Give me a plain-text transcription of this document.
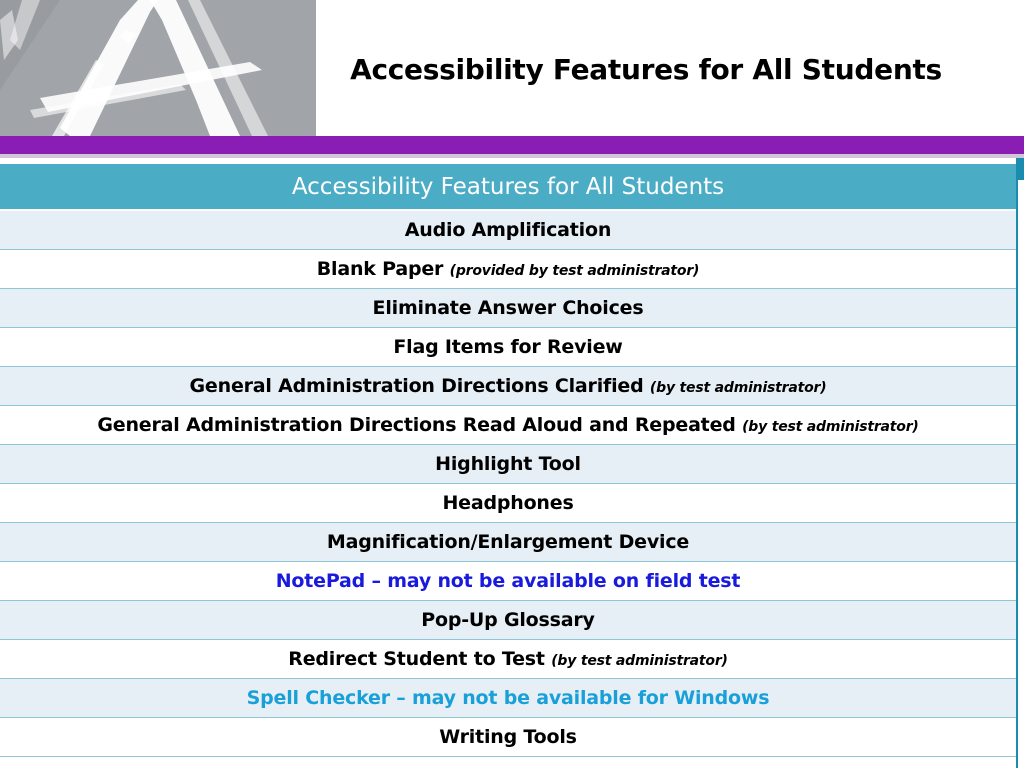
Accessibility Features for All Students
Accessibility Features for All Students
Audio Amplification
Blank Paper (provided by test administrator)
Eliminate Answer Choices
Flag Items for Review
General Administration Directions Clarified (by test administrator)
General Administration Directions Read Aloud and Repeated (by test administrator)
Highlight Tool
Headphones
Magnification/Enlargement Device
NotePad – may not be available on field test
Pop-Up Glossary
Redirect Student to Test (by test administrator)
Spell Checker – may not be available for Windows
Writing Tools
